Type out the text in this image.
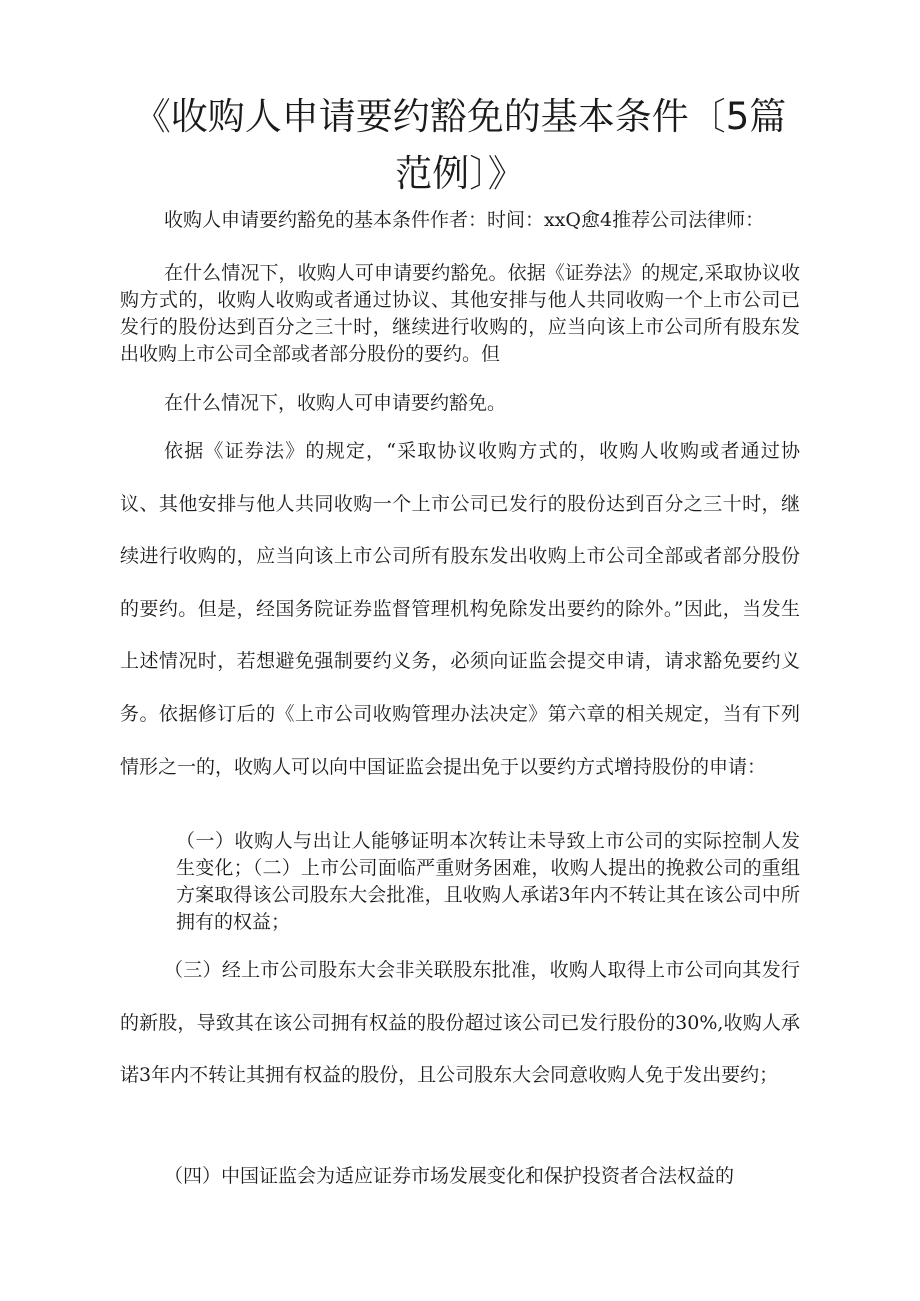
《收购人申请要约豁免的基本条件〔5篇范例〕》

收购人申请要约豁免的基本条件作者：时间：xxQ愈4推荐公司法律师：

在什么情况下，收购人可申请要约豁免。依据《证券法》的规定,采取协议收购方式的，收购人收购或者通过协议、其他安排与他人共同收购一个上市公司已发行的股份达到百分之三十时，继续进行收购的，应当向该上市公司所有股东发出收购上市公司全部或者部分股份的要约。但

在什么情况下，收购人可申请要约豁免。

依据《证券法》的规定，“采取协议收购方式的，收购人收购或者通过协议、其他安排与他人共同收购一个上市公司已发行的股份达到百分之三十时，继续进行收购的，应当向该上市公司所有股东发出收购上市公司全部或者部分股份的要约。但是，经国务院证券监督管理机构免除发出要约的除外。”因此，当发生上述情况时，若想避免强制要约义务，必须向证监会提交申请，请求豁免要约义务。依据修订后的《上市公司收购管理办法决定》第六章的相关规定，当有下列情形之一的，收购人可以向中国证监会提出免于以要约方式增持股份的申请：

（一）收购人与出让人能够证明本次转让未导致上市公司的实际控制人发生变化；（二）上市公司面临严重财务困难，收购人提出的挽救公司的重组方案取得该公司股东大会批准，且收购人承诺3年内不转让其在该公司中所拥有的权益；

（三）经上市公司股东大会非关联股东批准，收购人取得上市公司向其发行的新股，导致其在该公司拥有权益的股份超过该公司已发行股份的30%,收购人承诺3年内不转让其拥有权益的股份，且公司股东大会同意收购人免于发出要约；

（四）中国证监会为适应证券市场发展变化和保护投资者合法权益的
